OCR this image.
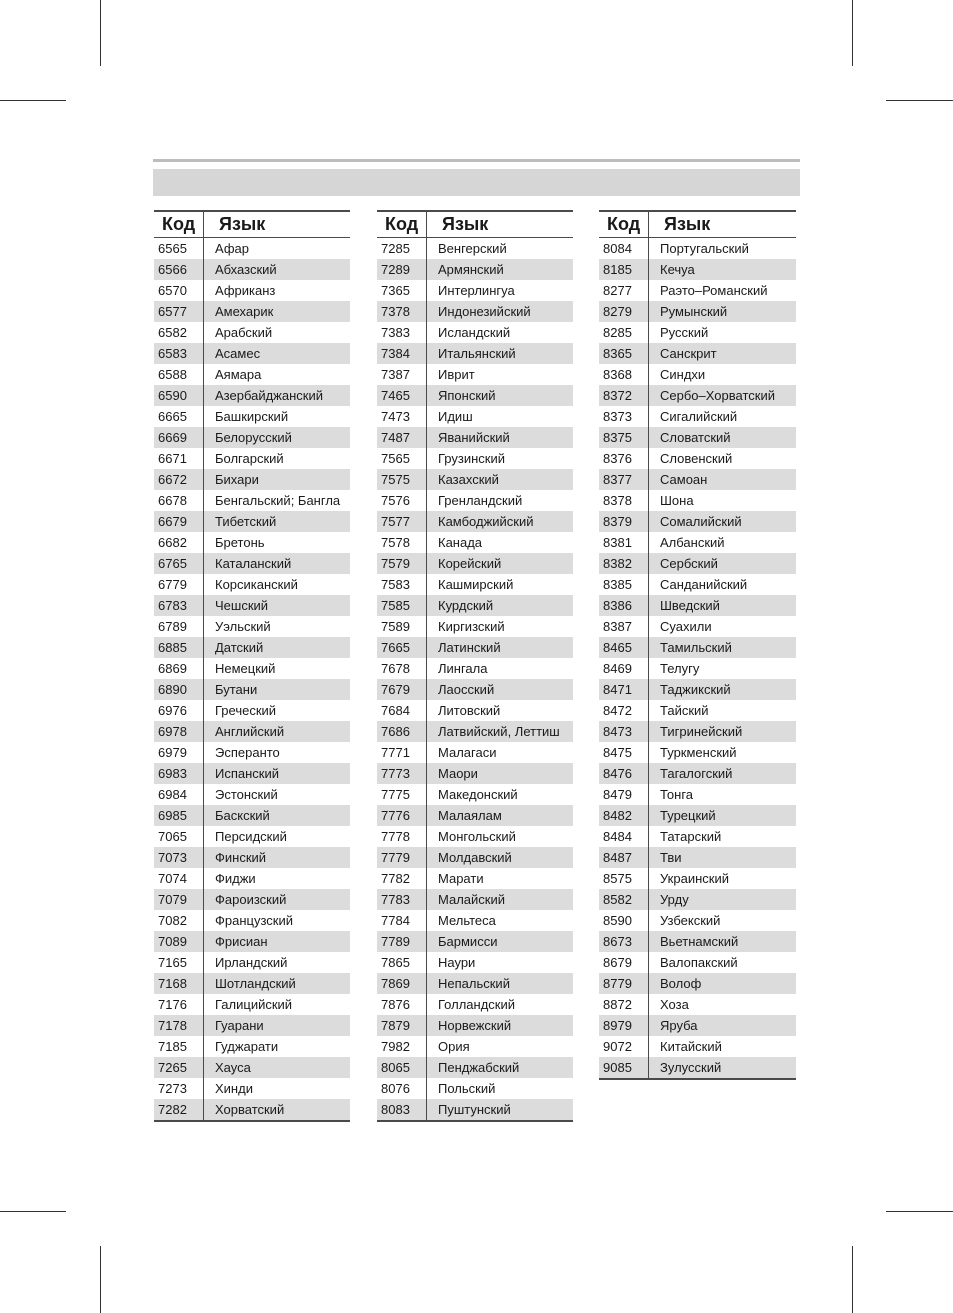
Код	Язык
6565	Афар
6566	Абхазский
6570	Африканз
6577	Амехарик
6582	Арабский
6583	Асамес
6588	Аямара
6590	Азербайджанский
6665	Башкирский
6669	Белорусский
6671	Болгарский
6672	Бихари
6678	Бенгальский; Бангла
6679	Тибетский
6682	Бретонь
6765	Каталанский
6779	Корсиканский
6783	Чешский
6789	Уэльский
6885	Датский
6869	Немецкий
6890	Бутани
6976	Греческий
6978	Английский
6979	Эсперанто
6983	Испанский
6984	Эстонский
6985	Баскский
7065	Персидский
7073	Финский
7074	Фиджи
7079	Фароизский
7082	Французский
7089	Фрисиан
7165	Ирландский
7168	Шотландский
7176	Галицийский
7178	Гуарани
7185	Гуджарати
7265	Хауса
7273	Хинди
7282	Хорватский
Код	Язык
7285	Венгерский
7289	Армянский
7365	Интерлингуа
7378	Индонезийский
7383	Исландский
7384	Итальянский
7387	Иврит
7465	Японский
7473	Идиш
7487	Яванийский
7565	Грузинский
7575	Казахский
7576	Гренландский
7577	Камбоджийский
7578	Канада
7579	Корейский
7583	Кашмирский
7585	Курдский
7589	Киргизский
7665	Латинский
7678	Лингала
7679	Лаосский
7684	Литовский
7686	Латвийский, Леттиш
7771	Малагаси
7773	Маори
7775	Македонский
7776	Малаялам
7778	Монгольский
7779	Молдавский
7782	Марати
7783	Малайский
7784	Мельтеса
7789	Бармисси
7865	Наури
7869	Непальский
7876	Голландский
7879	Норвежский
7982	Ория
8065	Пенджабский
8076	Польский
8083	Пуштунский
Код	Язык
8084	Португальский
8185	Кечуа
8277	Раэто–Романский
8279	Румынский
8285	Русский
8365	Санскрит
8368	Синдхи
8372	Сербо–Хорватский
8373	Сигалийский
8375	Словатский
8376	Словенский
8377	Самоан
8378	Шона
8379	Сомалийский
8381	Албанский
8382	Сербский
8385	Санданийский
8386	Шведский
8387	Суахили
8465	Тамильский
8469	Телугу
8471	Таджикский
8472	Тайский
8473	Тигринейский
8475	Туркменский
8476	Тагалогский
8479	Тонга
8482	Турецкий
8484	Татарский
8487	Тви
8575	Украинский
8582	Урду
8590	Узбекский
8673	Вьетнамский
8679	Валопакский
8779	Волоф
8872	Хоза
8979	Яруба
9072	Китайский
9085	Зулусский
